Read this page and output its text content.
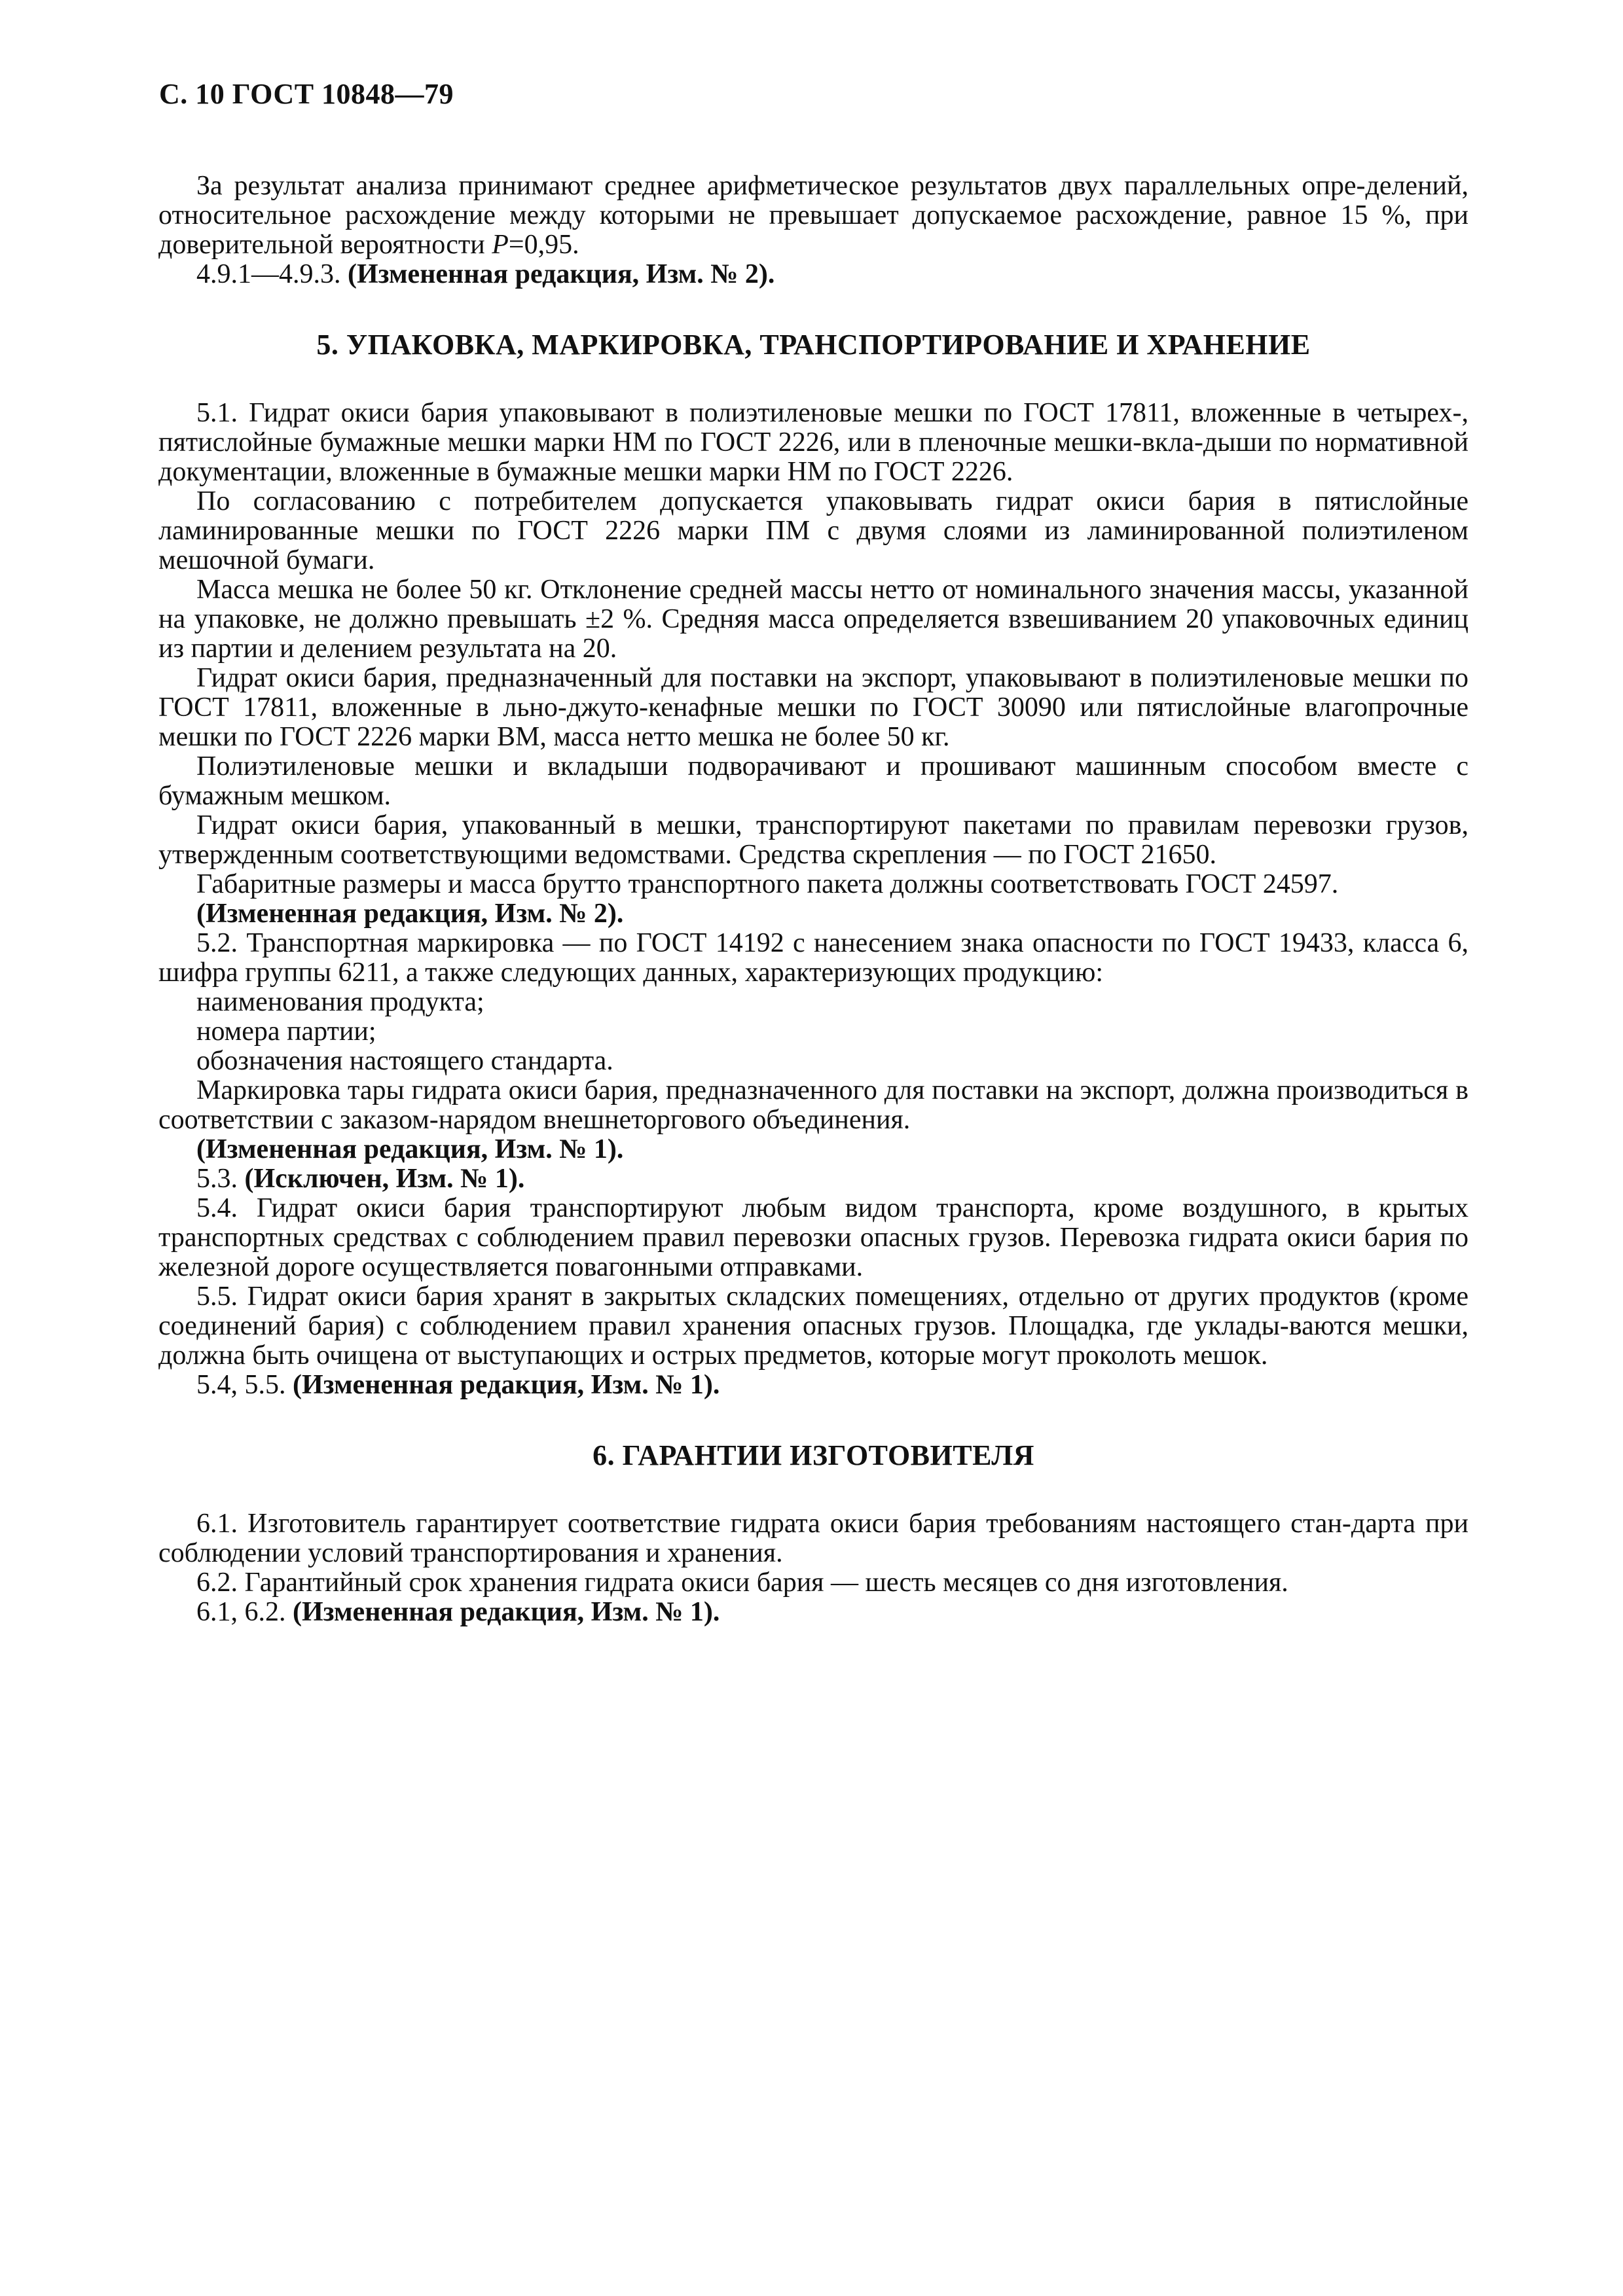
С. 10 ГОСТ 10848—79

За результат анализа принимают среднее арифметическое результатов двух параллельных опре-делений, относительное расхождение между которыми не превышает допускаемое расхождение, равное 15 %, при доверительной вероятности P=0,95.

4.9.1—4.9.3. (Измененная редакция, Изм. № 2).

5. УПАКОВКА, МАРКИРОВКА, ТРАНСПОРТИРОВАНИЕ И ХРАНЕНИЕ

5.1. Гидрат окиси бария упаковывают в полиэтиленовые мешки по ГОСТ 17811, вложенные в четырех-, пятислойные бумажные мешки марки НМ по ГОСТ 2226, или в пленочные мешки-вкла-дыши по нормативной документации, вложенные в бумажные мешки марки НМ по ГОСТ 2226.

По согласованию с потребителем допускается упаковывать гидрат окиси бария в пятислойные ламинированные мешки по ГОСТ 2226 марки ПМ с двумя слоями из ламинированной полиэтиленом мешочной бумаги.

Масса мешка не более 50 кг. Отклонение средней массы нетто от номинального значения массы, указанной на упаковке, не должно превышать ±2 %. Средняя масса определяется взвешиванием 20 упаковочных единиц из партии и делением результата на 20.

Гидрат окиси бария, предназначенный для поставки на экспорт, упаковывают в полиэтиленовые мешки по ГОСТ 17811, вложенные в льно-джуто-кенафные мешки по ГОСТ 30090 или пятислойные влагопрочные мешки по ГОСТ 2226 марки ВМ, масса нетто мешка не более 50 кг.

Полиэтиленовые мешки и вкладыши подворачивают и прошивают машинным способом вместе с бумажным мешком.

Гидрат окиси бария, упакованный в мешки, транспортируют пакетами по правилам перевозки грузов, утвержденным соответствующими ведомствами. Средства скрепления — по ГОСТ 21650.

Габаритные размеры и масса брутто транспортного пакета должны соответствовать ГОСТ 24597.

(Измененная редакция, Изм. № 2).

5.2. Транспортная маркировка — по ГОСТ 14192 с нанесением знака опасности по ГОСТ 19433, класса 6, шифра группы 6211, а также следующих данных, характеризующих продукцию:

наименования продукта;

номера партии;

обозначения настоящего стандарта.

Маркировка тары гидрата окиси бария, предназначенного для поставки на экспорт, должна производиться в соответствии с заказом-нарядом внешнеторгового объединения.

(Измененная редакция, Изм. № 1).

5.3. (Исключен, Изм. № 1).

5.4. Гидрат окиси бария транспортируют любым видом транспорта, кроме воздушного, в крытых транспортных средствах с соблюдением правил перевозки опасных грузов. Перевозка гидрата окиси бария по железной дороге осуществляется повагонными отправками.

5.5. Гидрат окиси бария хранят в закрытых складских помещениях, отдельно от других продуктов (кроме соединений бария) с соблюдением правил хранения опасных грузов. Площадка, где уклады-ваются мешки, должна быть очищена от выступающих и острых предметов, которые могут проколоть мешок.

5.4, 5.5. (Измененная редакция, Изм. № 1).

6. ГАРАНТИИ ИЗГОТОВИТЕЛЯ

6.1. Изготовитель гарантирует соответствие гидрата окиси бария требованиям настоящего стан-дарта при соблюдении условий транспортирования и хранения.

6.2. Гарантийный срок хранения гидрата окиси бария — шесть месяцев со дня изготовления.

6.1, 6.2. (Измененная редакция, Изм. № 1).
